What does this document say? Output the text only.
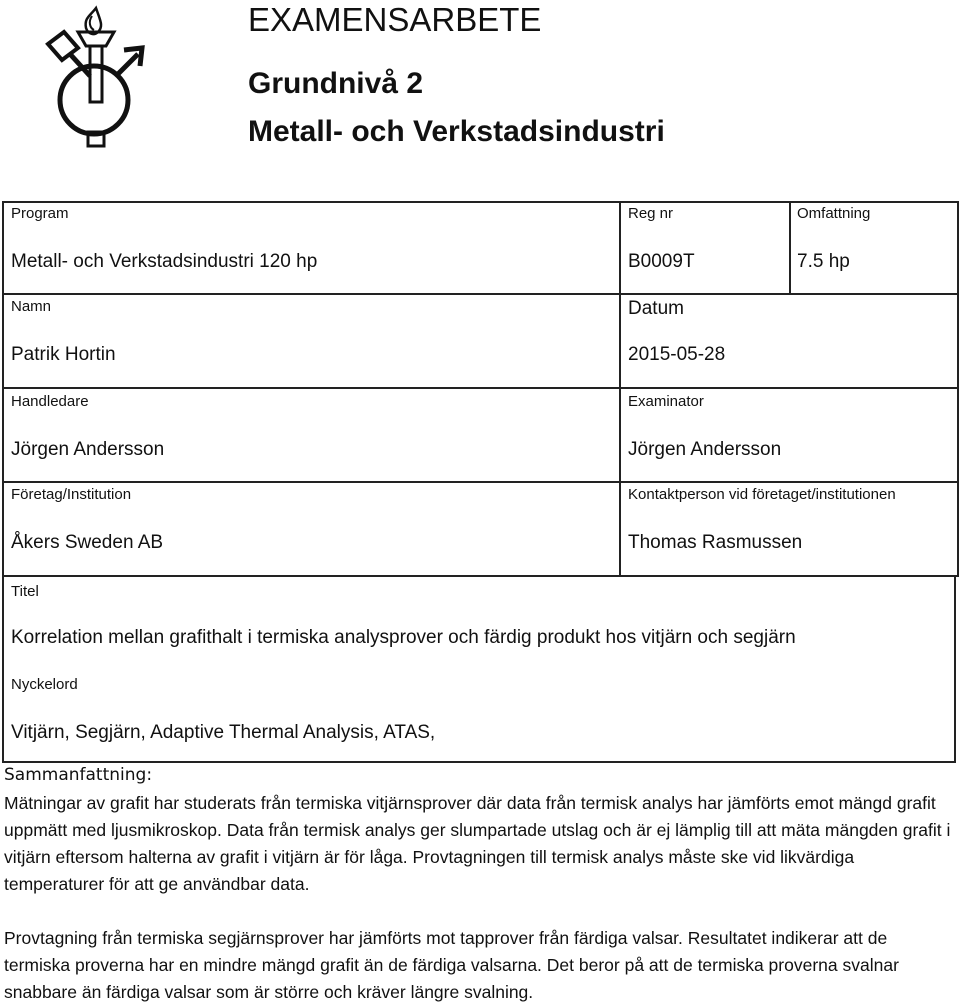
EXAMENSARBETE
Grundnivå 2
Metall- och Verkstadsindustri
Program
Metall- och Verkstadsindustri 120 hp
Reg nr
B0009T
Omfattning
7.5 hp
Namn
Patrik Hortin
Datum
2015-05-28
Handledare
Jörgen Andersson
Examinator
Jörgen Andersson
Företag/Institution
Åkers Sweden AB
Kontaktperson vid företaget/institutionen
Thomas Rasmussen
Titel
Korrelation mellan grafithalt i termiska analysprover och färdig produkt hos vitjärn och segjärn
Nyckelord
Vitjärn, Segjärn, Adaptive Thermal Analysis, ATAS,
Sammanfattning:
Mätningar av grafit har studerats från termiska vitjärnsprover där data från termisk analys har jämförts emot mängd grafit uppmätt med ljusmikroskop. Data från termisk analys ger slumpartade utslag och är ej lämplig till att mäta mängden grafit i vitjärn eftersom halterna av grafit i vitjärn är för låga. Provtagningen till termisk analys måste ske vid likvärdiga temperaturer för att ge användbar data.
Provtagning från termiska segjärnsprover har jämförts mot tapprover från färdiga valsar. Resultatet indikerar att de termiska proverna har en mindre mängd grafit än de färdiga valsarna. Det beror på att de termiska proverna svalnar snabbare än färdiga valsar som är större och kräver längre svalning.
